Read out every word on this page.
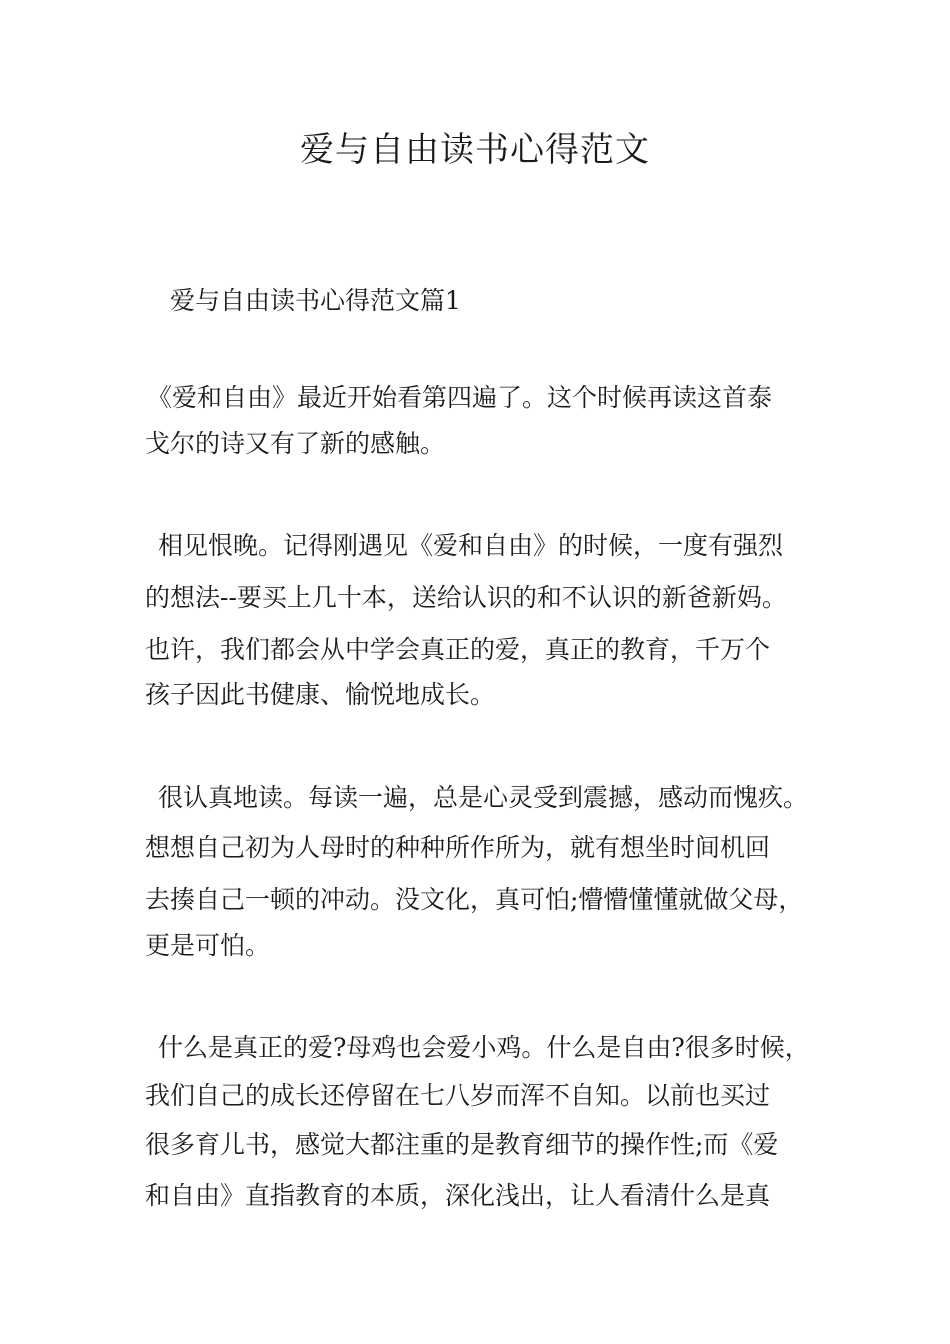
爱与自由读书心得范文
爱与自由读书心得范文篇1
《爱和自由》最近开始看第四遍了。这个时候再读这首泰
戈尔的诗又有了新的感触。
相见恨晚。记得刚遇见《爱和自由》的时候，一度有强烈
的想法--要买上几十本，送给认识的和不认识的新爸新妈。
也许，我们都会从中学会真正的爱，真正的教育，千万个
孩子因此书健康、愉悦地成长。
很认真地读。每读一遍，总是心灵受到震撼，感动而愧疚。
想想自己初为人母时的种种所作所为，就有想坐时间机回
去揍自己一顿的冲动。没文化，真可怕;懵懵懂懂就做父母，
更是可怕。
什么是真正的爱?母鸡也会爱小鸡。什么是自由?很多时候，
我们自己的成长还停留在七八岁而浑不自知。以前也买过
很多育儿书，感觉大都注重的是教育细节的操作性;而《爱
和自由》直指教育的本质，深化浅出，让人看清什么是真
